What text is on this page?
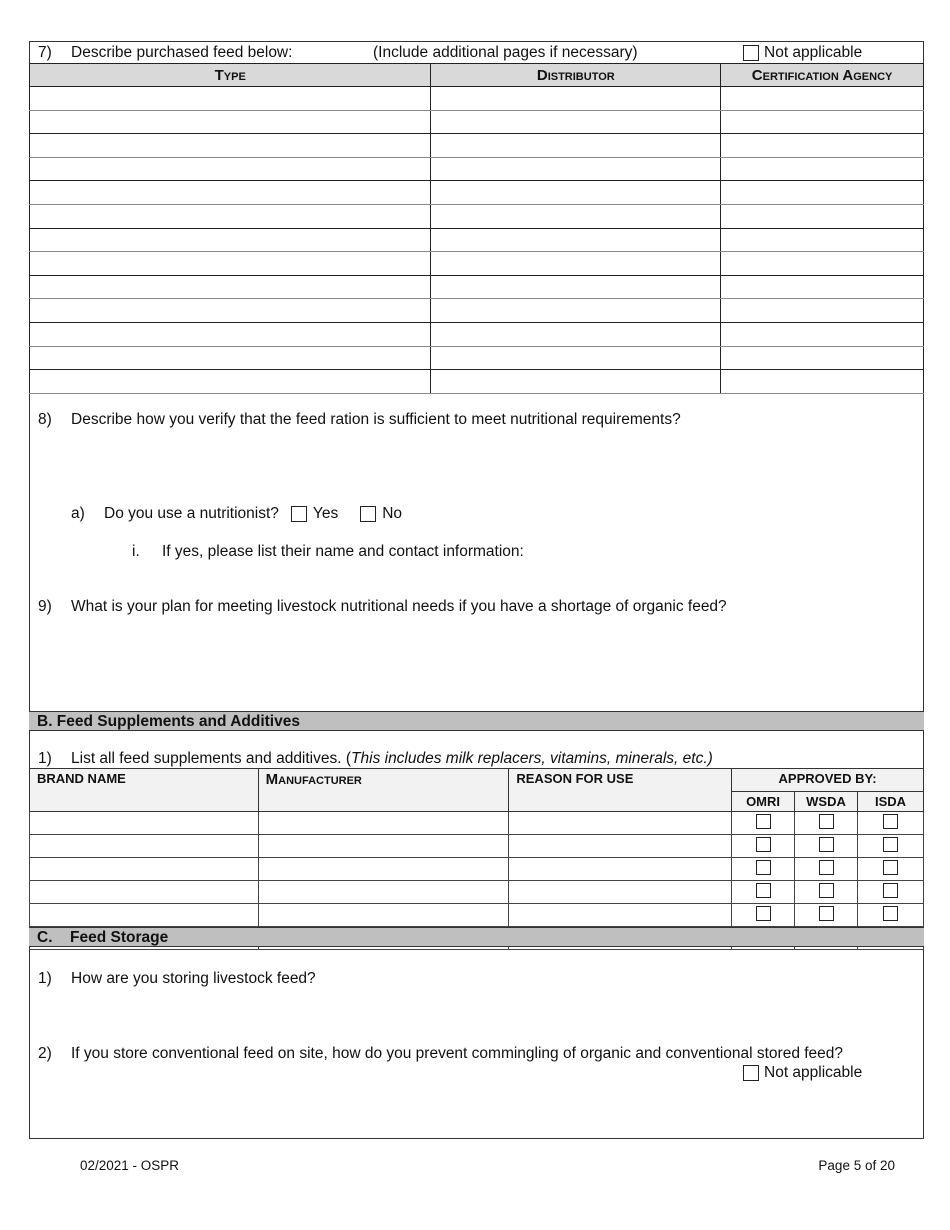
7) Describe purchased feed below:	(Include additional pages if necessary)	Not applicable
Type	Distributor	Certification Agency

8) Describe how you verify that the feed ration is sufficient to meet nutritional requirements?
a) Do you use a nutritionist? Yes	No
i. If yes, please list their name and contact information:
9) What is your plan for meeting livestock nutritional needs if you have a shortage of organic feed?
B. Feed Supplements and Additives
1) List all feed supplements and additives. (This includes milk replacers, vitamins, minerals, etc.)
BRAND NAME	Manufacturer	REASON FOR USE	APPROVED BY:		
			OMRI	WSDA	ISDA

C. Feed Storage
1) How are you storing livestock feed?
2) If you store conventional feed on site, how do you prevent commingling of organic and conventional stored feed?
Not applicable
02/2021 - OSPR	Page 5 of 20
